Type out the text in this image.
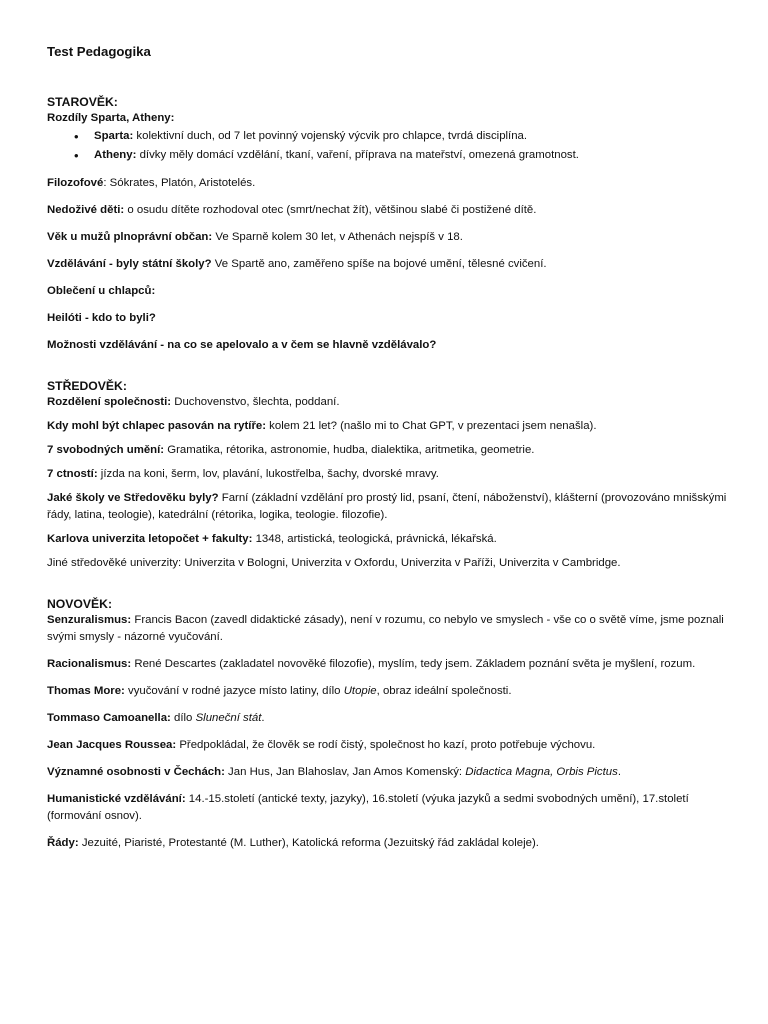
Test Pedagogika
STAROVĚK:

Rozdíly Sparta, Atheny:

• Sparta: kolektivní duch, od 7 let povinný vojenský výcvik pro chlapce, tvrdá disciplína.
• Atheny: dívky měly domácí vzdělání, tkaní, vaření, příprava na mateřství, omezená gramotnost.

Filozofové: Sókrates, Platón, Aristotelés.

Nedoživé děti: o osudu dítěte rozhodoval otec (smrt/nechat žít), většinou slabé či postižené dítě.

Věk u mužů plnoprávní občan: Ve Sparně kolem 30 let, v Athenách nejspíš v 18.

Vzdělávání - byly státní školy? Ve Spartě ano, zaměřeno spíše na bojové umění, tělesné cvičení.

Oblečení u chlapců:

Heilóti - kdo to byli?

Možnosti vzdělávání - na co se apelovalo a v čem se hlavně vzdělávalo?

STŘEDOVĚK:

Rozdělení společnosti: Duchovenstvo, šlechta, poddaní.

Kdy mohl být chlapec pasován na rytíře: kolem 21 let? (našlo mi to Chat GPT, v prezentaci jsem nenašla).

7 svobodných umění: Gramatika, rétorika, astronomie, hudba, dialektika, aritmetika, geometrie.

7 ctností: jízda na koni, šerm, lov, plavání, lukostřelba, šachy, dvorské mravy.

Jaké školy ve Středověku byly? Farní (základní vzdělání pro prostý lid, psaní, čtení, náboženství), klášterní (provozováno mnišskými řády, latina, teologie), katedrální (rétorika, logika, teologie. filozofie).

Karlova univerzita letopočet + fakulty: 1348, artistická, teologická, právnická, lékařská.

Jiné středověké univerzity: Univerzita v Bologni, Univerzita v Oxfordu, Univerzita v Paříži, Univerzita v Cambridge.

NOVOVĚK:

Senzuralismus: Francis Bacon (zavedl didaktické zásady), není v rozumu, co nebylo ve smyslech - vše co o světě víme, jsme poznali svými smysly - názorné vyučování.

Racionalismus: René Descartes (zakladatel novověké filozofie), myslím, tedy jsem. Základem poznání světa je myšlení, rozum.

Thomas More: vyučování v rodné jazyce místo latiny, dílo Utopie, obraz ideální společnosti.

Tommaso Camoanella: dílo Sluneční stát.

Jean Jacques Roussea: Předpokládal, že člověk se rodí čistý, společnost ho kazí, proto potřebuje výchovu.

Významné osobnosti v Čechách: Jan Hus, Jan Blahoslav, Jan Amos Komenský: Didactica Magna, Orbis Pictus.

Humanistické vzdělávání: 14.-15.století (antické texty, jazyky), 16.století (výuka jazyků a sedmi svobodných umění), 17.století (formování osnov).

Řády: Jezuité, Piaristé, Protestanté (M. Luther), Katolická reforma (Jezuitský řád zakládal koleje).
